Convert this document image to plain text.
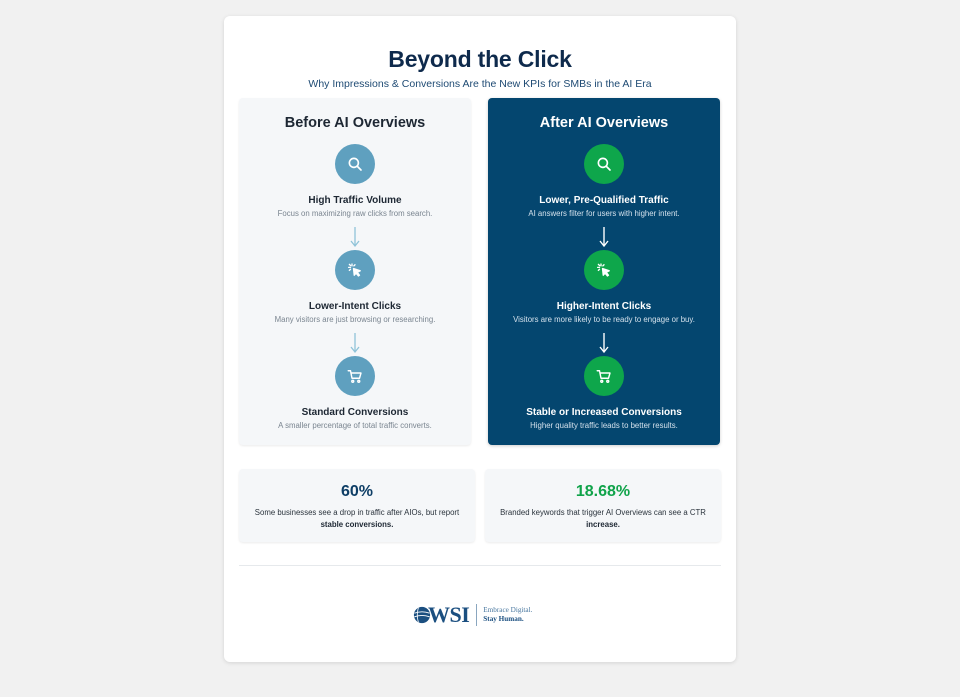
Beyond the Click
Why Impressions & Conversions Are the New KPIs for SMBs in the AI Era
Before AI Overviews
High Traffic Volume
Focus on maximizing raw clicks from search.
Lower-Intent Clicks
Many visitors are just browsing or researching.
Standard Conversions
A smaller percentage of total traffic converts.
After AI Overviews
Lower, Pre-Qualified Traffic
AI answers filter for users with higher intent.
Higher-Intent Clicks
Visitors are more likely to be ready to engage or buy.
Stable or Increased Conversions
Higher quality traffic leads to better results.
60%
Some businesses see a drop in traffic after AIOs, but report stable conversions.
18.68%
Branded keywords that trigger AI Overviews can see a CTR increase.
WSI Embrace Digital.
Stay Human.
